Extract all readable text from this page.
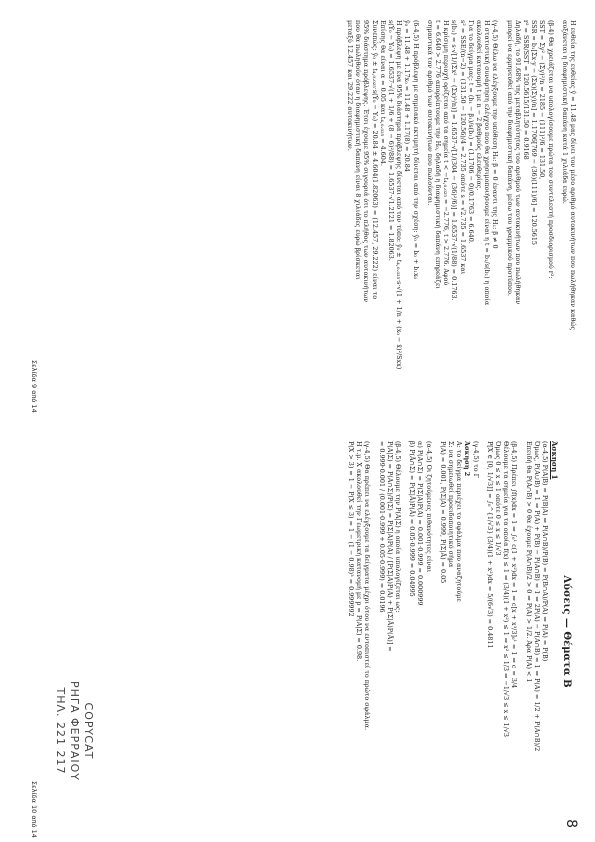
Η ευθεία της ευθείας ŷ = 11.48 μας δίνει τον μέσο αριθμό αυτοκινήτων που πωλήθηκαν καθώς
αυξάνεται η διαφημιστική δαπάνη κατά 1 χιλιάδα ευρώ.
(β-4) Θα χρειάζεται να υπολογίσουμε πρώτα τον συντελεστή προσδιορισμού r²:
SST = Σy² − (Σy)²/n = 2185 − (111)²/6 = 131.50,
SSR = b₁[Σx·y − (Σx)(Σy)/n] = 1.1706[769 − (36)(111)/6] = 120.5615
r² = SSR/SST = 120.5615/131.50 = 0.9168
Δηλαδή, το 91.68% της μεταβλητότητας του αριθμού των αυτοκινήτων που πωλήθηκαν
μπορεί να ερμηνευθεί από την διαφημιστική δαπάνη, μέσω του γραμμικού προτύπου.
(γ-4,5) Θέλω να ελέγξουμε την υπόθεση H₀: β = 0 έναντι της H₁: β ≠ 0
Η στατιστική συνάρτηση ελέγχου που θα χρησιμοποιήσουμε είναι η t = b₁/s(b₁) η οποία
ακολουθεί κατανομή t με n − 2 βαθμούς ελευθερίας.
Για το δείγμα μας: t = (b₁ − β₁)/s(b₁) = (1.1706 − 0)/0.1763 = 6.640.
s² = SSE/(n−2) = (131.50 − 120.56)/4 = 2.735 οπότε s = √2.735 = 1.6537 και
s(b₁) = s·√[1/(Σx² − (Σx)²/n)] = 1.6537·√[1/(304 − (36)²/6)] = 1.6537·√(1/88) = 0.1763.
Η κρίσιμη περιοχή ορίζεται από τα σημεία t < −t₄,₀.₀₂₅ = −2.776, t > 2.776. Αφού
t = 6.640 > 2.776 απορρίπτουμε την H₀, δηλαδή η διαφημιστική δαπάνη επηρεάζει
σημαντικά τον αριθμό των αυτοκινήτων που πωλούνται.
(δ-4,5) Η πρόβλεψη με σημειακό εκτιμητή δίνεται από την σχέση: ŷ₀ = b₀ + b₁x₀
ŷ₀ = 11.48 + 1.17x₀ = 11.48 + 1.17(8) = 20.84
Η πρόβλεψη με ένα 95% διάστημα πρόβλεψης δίνεται από τον τύπο: ŷ₀ ± t₄,₀.₀₂₅·s·√(1 + 1/n + (x₀ − x̄)²/Sxx)
s(Ŷ₀ − Y₀) = 1.6537·√(1 + 1/6 + (8 − 6)²/88) = 1.6537·√1.2121 = 1.82063.
Επίσης θα είναι α = 0.05 και t₄,₀.₀₂₅ = 4.604.
Συνεπώς: ŷ₀ ± t₄,₀.₀₂₅·s(Ŷ₀ − Y₀) = 20.84 ± 4.604(1.82063) = (12.457, 29.222) είναι το
95% διάστημα πρόβλεψης. Έτσι έχουμε 95% σιγουριά ότι το πλήθος των αυτοκινήτων
που θα πωληθούν όταν η διαφημιστική δαπάνη είναι 8 χιλιάδες ευρώ βρίσκεται
μεταξύ 12.457 και 29.222 αυτοκινήτων.
Σελίδα 9 από 14
8
Λύσεις — Θέματα Β
Άσκηση 1
(α-4,5) P(A|B) = P(B|A) ⇒ P(A∩B)/P(B) = P(B∩A)/P(A) ⇒ P(A) = P(B)
Όμως, P(A∪B) = 1 ⇒ P(A) + P(B) − P(A∩B) = 1 ⇒ 2P(A) − P(A∩B) = 1 ⇒ P(A) = 1/2 + P(A∩B)/2
Επειδή θα P(A∩B) > 0 θα έχουμε P(A∩B)/2 > 0 ⇒ P(A) > 1/2. Άρα P(A) < 1
(β-4,5) Πρέπει ∫f(x)dx = 1 ⇒ ∫₀¹ c(1 + x²)dx = 1 ⇒ c[x + x³/3]₀¹ = 1 ⇒ c = 3/4
Θέλουμε τα σημεία για τα οποία f(x) ≤ 1 ⇒ (3/4)(1 + x²) ≤ 1 ⇒ x² ≤ 1/3 ⇒ −1/√3 ≤ x ≤ 1/√3
Όμως 0 ≤ x ≤ 1 οπότε 0 ≤ x ≤ 1/√3
P[X ∈ [0, 1/√3]] = ∫₀^{1/√3} (3/4)(1 + x²)dx = 5/(6√3) = 0.4811
(γ-4,5) το Γ
Άσκηση 2
Α: το δείγμα περιέχει το σφάλμα που αναζητούμε
Σ: να σημειωθεί προειδοποιητικό σήμα
P(A) = 0.001, P(Σ|A) = 0.999, P(Σ|Ā) = 0.05
(α-4,5) Οι ζητούμενες πιθανότητες είναι
α) P(A∩Σ) = P(Σ|A)P(A) = 0.001·0.999 = 0.000999
β) P(Ā∩Σ) = P(Σ|Ā)P(Ā) = 0.05·0.999 = 0.04995
(β-4,5) Θέλουμε την P(A|Σ) η οποία υπολογίζεται ως:
P(A|Σ) = P(A∩Σ)/P(Σ) = P(Σ|A)P(A) / [P(Σ|A)P(A) + P(Σ|Ā)P(Ā)] =
= 0.999·0.001 / (0.001·0.999 + 0.05·0.999) = 0.0196
(γ-4,5) Θα πρέπει να ελέγξουμε τα δείγματα μέχρι ότου να εντοπιστεί το πρώτο σφάλμα.
Η τ.μ. Χ ακολουθεί την Γεωμετρική κατανομή με p = P(A|Σ) = 0.98.
P(X > 3) = 1 − P(X ≤ 3) = 1 − (1 − 0.98)³ = 0.999992
COPYCAT
ΡΗΓΑ ΦΕΡΡΑΙΟΥ
ΤΗΛ. 221 217
Σελίδα 10 από 14
